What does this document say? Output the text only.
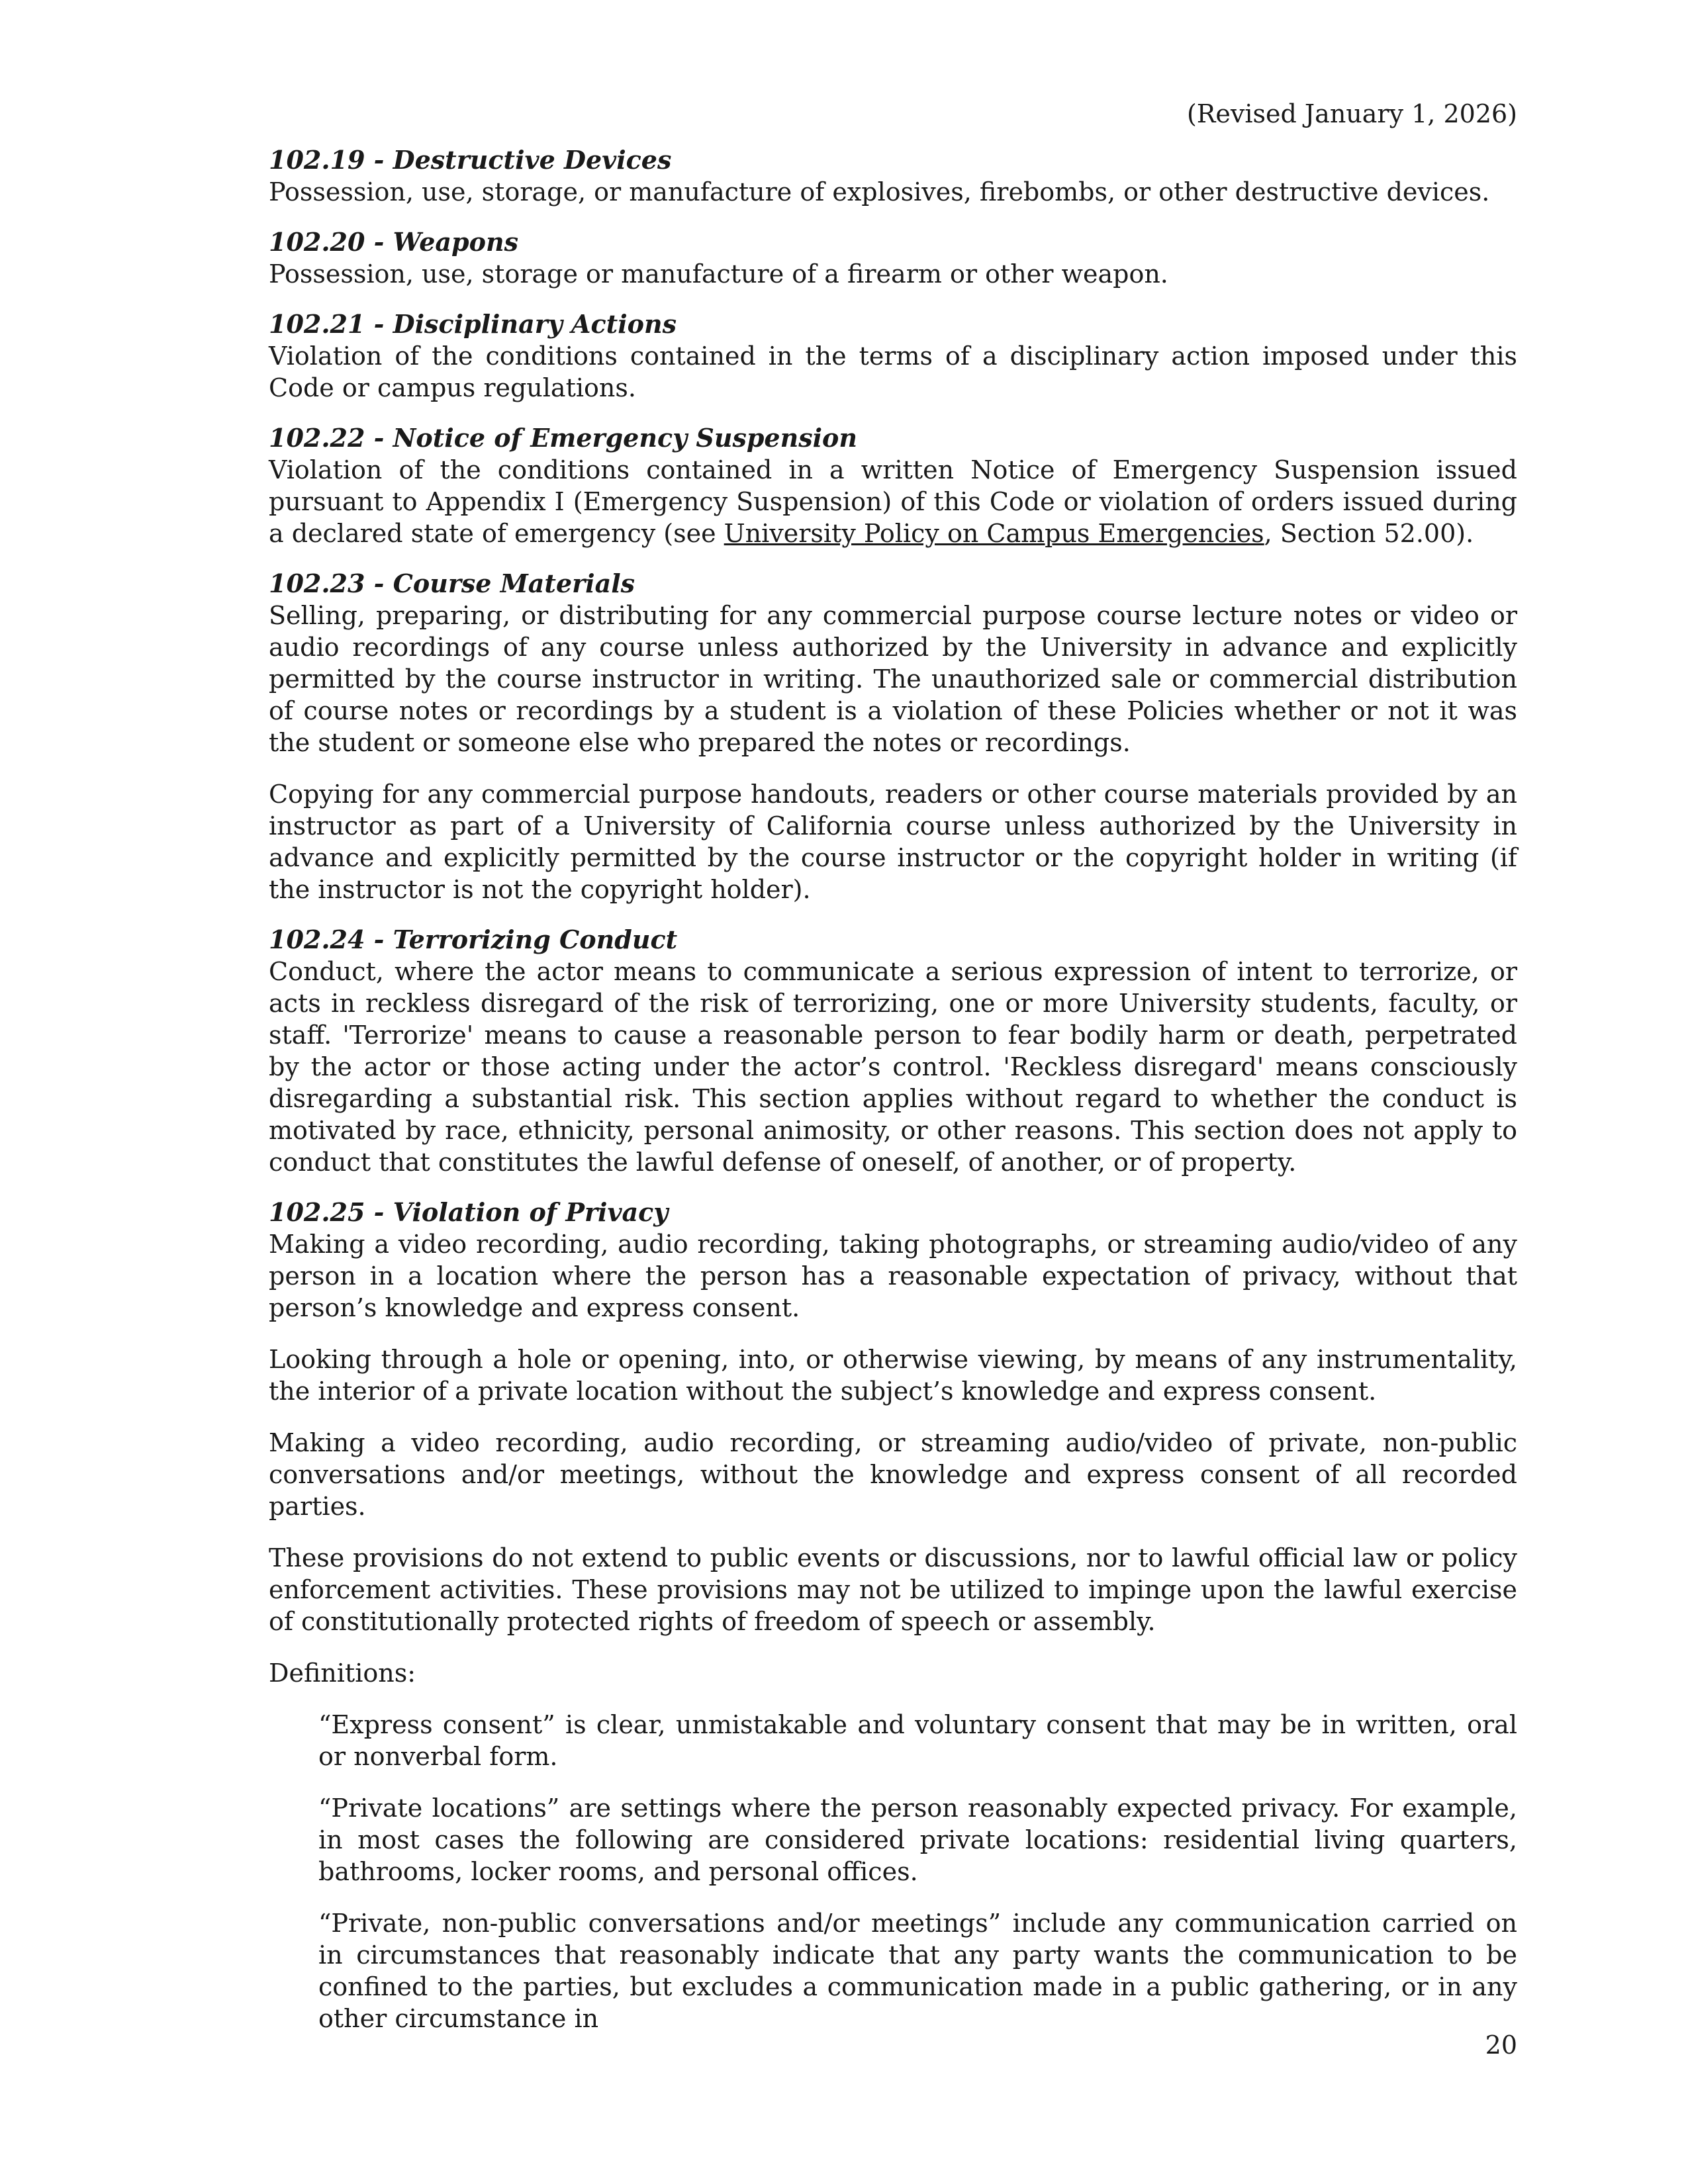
(Revised January 1, 2026)
102.19 - Destructive Devices

Possession, use, storage, or manufacture of explosives, firebombs, or other destructive devices.

102.20 - Weapons

Possession, use, storage or manufacture of a firearm or other weapon.

102.21 - Disciplinary Actions

Violation of the conditions contained in the terms of a disciplinary action imposed under this Code or campus regulations.

102.22 - Notice of Emergency Suspension

Violation of the conditions contained in a written Notice of Emergency Suspension issued pursuant to Appendix I (Emergency Suspension) of this Code or violation of orders issued during a declared state of emergency (see University Policy on Campus Emergencies, Section 52.00).

102.23 - Course Materials

Selling, preparing, or distributing for any commercial purpose course lecture notes or video or audio recordings of any course unless authorized by the University in advance and explicitly permitted by the course instructor in writing. The unauthorized sale or commercial distribution of course notes or recordings by a student is a violation of these Policies whether or not it was the student or someone else who prepared the notes or recordings.

Copying for any commercial purpose handouts, readers or other course materials provided by an instructor as part of a University of California course unless authorized by the University in advance and explicitly permitted by the course instructor or the copyright holder in writing (if the instructor is not the copyright holder).

102.24 - Terrorizing Conduct

Conduct, where the actor means to communicate a serious expression of intent to terrorize, or acts in reckless disregard of the risk of terrorizing, one or more University students, faculty, or staff. 'Terrorize' means to cause a reasonable person to fear bodily harm or death, perpetrated by the actor or those acting under the actor’s control. 'Reckless disregard' means consciously disregarding a substantial risk. This section applies without regard to whether the conduct is motivated by race, ethnicity, personal animosity, or other reasons. This section does not apply to conduct that constitutes the lawful defense of oneself, of another, or of property.

102.25 - Violation of Privacy

Making a video recording, audio recording, taking photographs, or streaming audio/video of any person in a location where the person has a reasonable expectation of privacy, without that person’s knowledge and express consent.

Looking through a hole or opening, into, or otherwise viewing, by means of any instrumentality, the interior of a private location without the subject’s knowledge and express consent.

Making a video recording, audio recording, or streaming audio/video of private, non-public conversations and/or meetings, without the knowledge and express consent of all recorded parties.

These provisions do not extend to public events or discussions, nor to lawful official law or policy enforcement activities. These provisions may not be utilized to impinge upon the lawful exercise of constitutionally protected rights of freedom of speech or assembly.

Definitions:

“Express consent” is clear, unmistakable and voluntary consent that may be in written, oral or nonverbal form.

“Private locations” are settings where the person reasonably expected privacy. For example, in most cases the following are considered private locations: residential living quarters, bathrooms, locker rooms, and personal offices.

“Private, non-public conversations and/or meetings” include any communication carried on in circumstances that reasonably indicate that any party wants the communication to be confined to the parties, but excludes a communication made in a public gathering, or in any other circumstance in

20
